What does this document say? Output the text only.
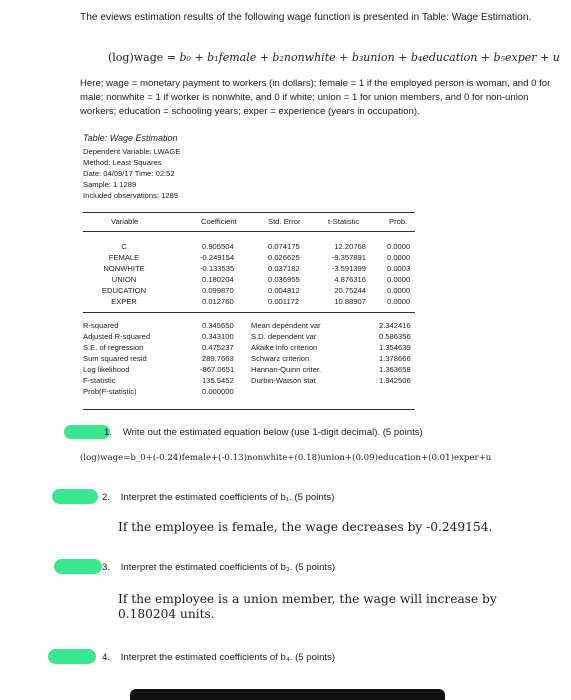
The eviews estimation results of the following wage function is presented in Table: Wage Estimation.
(log)wage = b₀ + b₁female + b₂nonwhite + b₃union + b₄education + b₅exper + u
Here; wage = monetary payment to workers (in dollars); female = 1 if the employed person is woman, and 0 for male; nonwhite = 1 if worker is nonwhite, and 0 if white; union = 1 for union members, and 0 for non-union workers; education = schooling years; exper = experience (years in occupation).
Table: Wage Estimation
Dependent Variable: LWAGE
Method: Least Squares
Date: 04/09/17 Time: 02:52
Sample: 1 1289
Included observations: 1289
Variable	Coefficient	Std. Error	t-Statistic	Prob.
C	0.905504	0.074175	12.20768	0.0000
FEMALE	-0.249154	0.026625	-9.357891	0.0000
NONWHITE	-0.133535	0.037182	-3.591399	0.0003
UNION	0.180204	0.036955	4.876316	0.0000
EDUCATION	0.099870	0.004812	20.75244	0.0000
EXPER	0.012760	0.001172	10.88907	0.0000
R-squared	0.345650 Mean dependent var	2.342416
Adjusted R-squared	0.343100 S.D. dependent var	0.586356
S.E. of regression	0.475237 Akaike info criterion	1.354639
Sum squared resid	289.7663 Schwarz criterion	1.378666
Log likelihood	-867.0651 Hannan-Quinn criter.	1.363658
F-statistic	135.5452 Durbin-Watson stat	1.942506
Prob(F-statistic)	0.000000
1. Write out the estimated equation below (use 1-digit decimal). (5 points)
(log)wage=b_0+(-0.24)female+(-0.13)nonwhite+(0.18)union+(0.09)education+(0.01)exper+u
2. Interpret the estimated coefficients of b₁. (5 points)
If the employee is female, the wage decreases by -0.249154.
3. Interpret the estimated coefficients of b₃. (5 points)
If the employee is a union member, the wage will increase by 0.180204 units.
4. Interpret the estimated coefficients of b₄. (5 points)
